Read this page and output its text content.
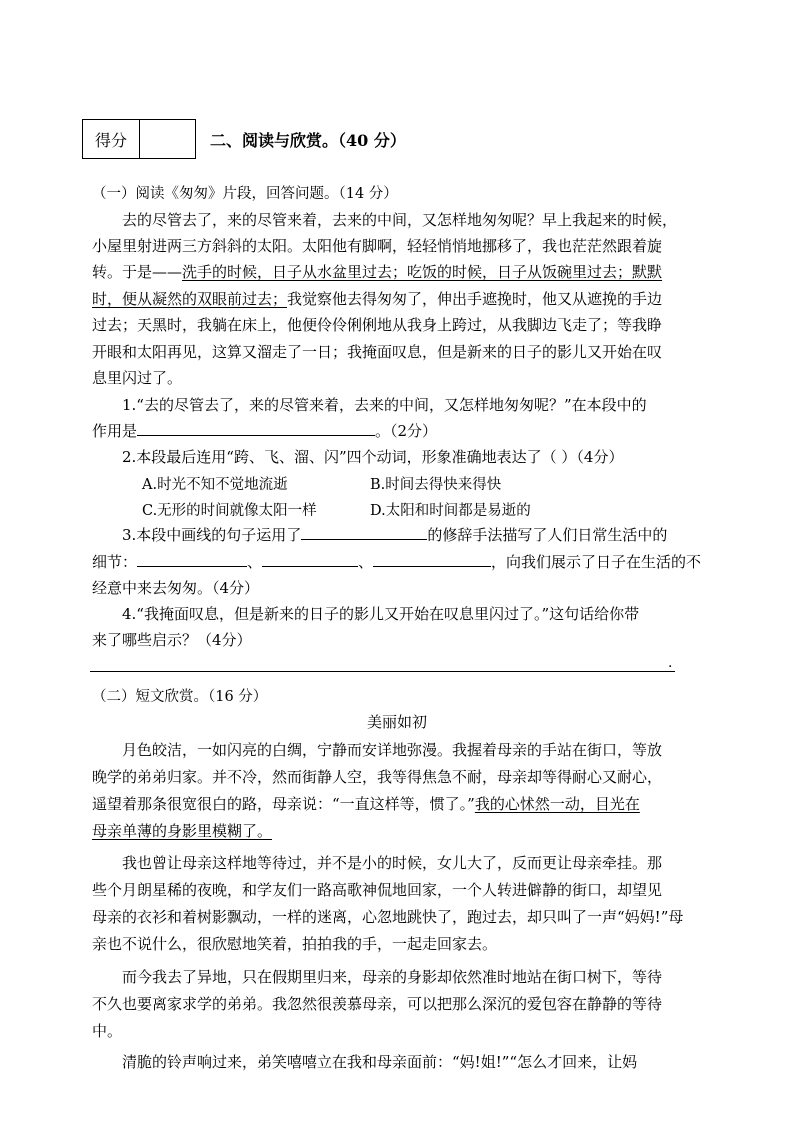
得分	二、阅读与欣赏。（40 分）
（一）阅读《匆匆》片段，回答问题。（14 分）
去的尽管去了，来的尽管来着，去来的中间，又怎样地匆匆呢？早上我起来的时候，
小屋里射进两三方斜斜的太阳。太阳他有脚啊，轻轻悄悄地挪移了，我也茫茫然跟着旋
转。于是——洗手的时候，日子从水盆里过去；吃饭的时候，日子从饭碗里过去；默默
时，便从凝然的双眼前过去；我觉察他去得匆匆了，伸出手遮挽时，他又从遮挽的手边
过去；天黑时，我躺在床上，他便伶伶俐俐地从我身上跨过，从我脚边飞走了；等我睁
开眼和太阳再见，这算又溜走了一日；我掩面叹息，但是新来的日子的影儿又开始在叹
息里闪过了。
1.“去的尽管去了，来的尽管来着，去来的中间，又怎样地匆匆呢？”在本段中的
作用是	。（2分）
2.本段最后连用“跨、飞、溜、闪”四个动词，形象准确地表达了（ ）（4分）
A.时光不知不觉地流逝	B.时间去得快来得快
C.无形的时间就像太阳一样	D.太阳和时间都是易逝的
3.本段中画线的句子运用了	的修辞手法描写了人们日常生活中的
细节：	、	、	，向我们展示了日子在生活的不
经意中来去匆匆。（4分）
4.“我掩面叹息，但是新来的日子的影儿又开始在叹息里闪过了。”这句话给你带
来了哪些启示？（4分）
.
（二）短文欣赏。（16 分）
美丽如初
月色皎洁，一如闪亮的白绸，宁静而安详地弥漫。我握着母亲的手站在街口，等放
晚学的弟弟归家。并不冷，然而街静人空，我等得焦急不耐，母亲却等得耐心又耐心，
遥望着那条很宽很白的路，母亲说：“一直这样等，惯了。”我的心怵然一动，目光在
母亲单薄的身影里模糊了。
我也曾让母亲这样地等待过，并不是小的时候，女儿大了，反而更让母亲牵挂。那
些个月朗星稀的夜晚，和学友们一路高歌神侃地回家，一个人转进僻静的街口，却望见
母亲的衣衫和着树影飘动，一样的迷离，心忽地跳快了，跑过去，却只叫了一声“妈妈!”母
亲也不说什么，很欣慰地笑着，拍拍我的手，一起走回家去。
而今我去了异地，只在假期里归来，母亲的身影却依然准时地站在街口树下，等待
不久也要离家求学的弟弟。我忽然很羡慕母亲，可以把那么深沉的爱包容在静静的等待
中。
清脆的铃声响过来，弟笑嘻嘻立在我和母亲面前：“妈!姐!”“怎么才回来，让妈
